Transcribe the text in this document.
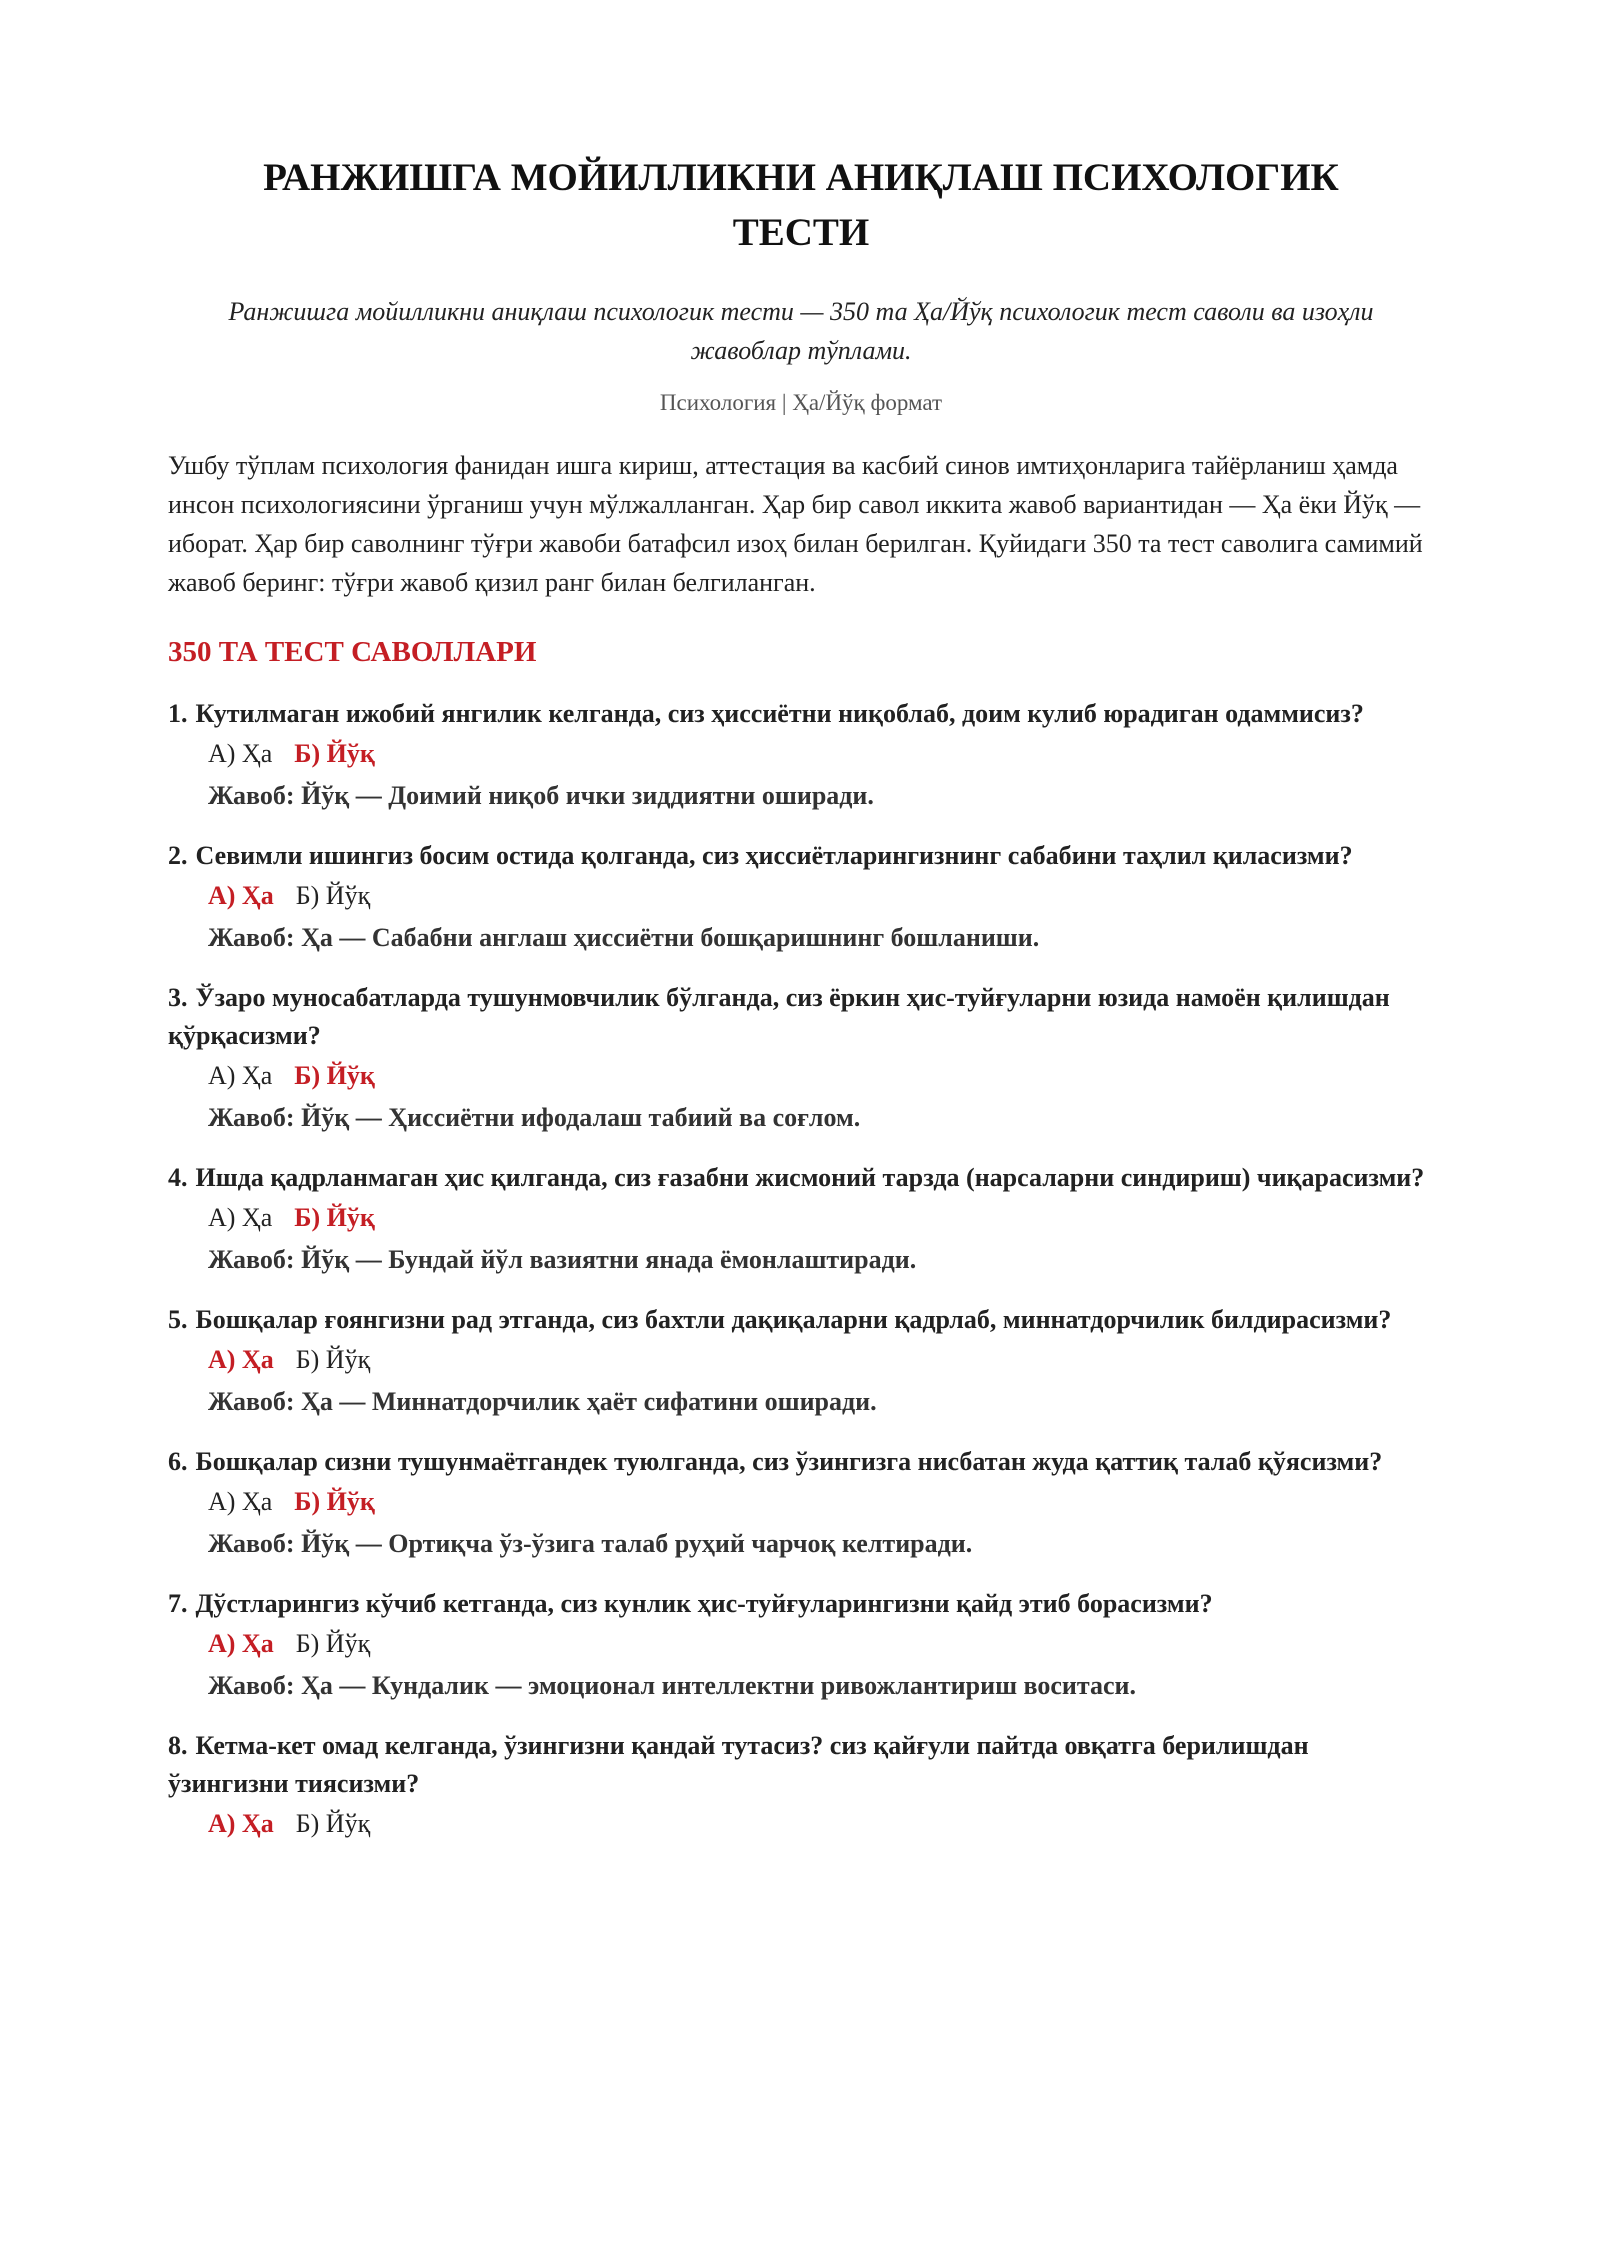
РАНЖИШГА МОЙИЛЛИКНИ АНИҚЛАШ ПСИХОЛОГИК ТЕСТИ
Ранжишга мойилликни аниқлаш психологик тести — 350 та Ҳа/Йўқ психологик тест саволи ва изоҳли жавоблар тўплами.
Психология | Ҳа/Йўқ формат
Ушбу тўплам психология фанидан ишга кириш, аттестация ва касбий синов имтиҳонларига тайёрланиш ҳамда инсон психологиясини ўрганиш учун мўлжалланган. Ҳар бир савол иккита жавоб вариантидан — Ҳа ёки Йўқ — иборат. Ҳар бир саволнинг тўғри жавоби батафсил изоҳ билан берилган. Қуйидаги 350 та тест саволига самимий жавоб беринг: тўғри жавоб қизил ранг билан белгиланган.
350 ТА ТЕСТ САВОЛЛАРИ
1. Кутилмаган ижобий янгилик келганда, сиз ҳиссиётни ниқоблаб, доим кулиб юрадиган одаммисиз?
А) Ҳа Б) Йўқ
Жавоб: Йўқ — Доимий ниқоб ички зиддиятни оширади.
2. Севимли ишингиз босим остида қолганда, сиз ҳиссиётларингизнинг сабабини таҳлил қиласизми?
А) Ҳа Б) Йўқ
Жавоб: Ҳа — Сабабни англаш ҳиссиётни бошқаришнинг бошланиши.
3. Ўзаро муносабатларда тушунмовчилик бўлганда, сиз ёркин ҳис-туйғуларни юзида намоён қилишдан қўрқасизми?
А) Ҳа Б) Йўқ
Жавоб: Йўқ — Ҳиссиётни ифодалаш табиий ва соғлом.
4. Ишда қадрланмаган ҳис қилганда, сиз ғазабни жисмоний тарзда (нарсаларни синдириш) чиқарасизми?
А) Ҳа Б) Йўқ
Жавоб: Йўқ — Бундай йўл вазиятни янада ёмонлаштиради.
5. Бошқалар ғоянгизни рад этганда, сиз бахтли дақиқаларни қадрлаб, миннатдорчилик билдирасизми?
А) Ҳа Б) Йўқ
Жавоб: Ҳа — Миннатдорчилик ҳаёт сифатини оширади.
6. Бошқалар сизни тушунмаётгандек туюлганда, сиз ўзингизга нисбатан жуда қаттиқ талаб қўясизми?
А) Ҳа Б) Йўқ
Жавоб: Йўқ — Ортиқча ўз-ўзига талаб руҳий чарчоқ келтиради.
7. Дўстларингиз кўчиб кетганда, сиз кунлик ҳис-туйғуларингизни қайд этиб борасизми?
А) Ҳа Б) Йўқ
Жавоб: Ҳа — Кундалик — эмоционал интеллектни ривожлантириш воситаси.
8. Кетма-кет омад келганда, ўзингизни қандай тутасиз? сиз қайғули пайтда овқатга берилишдан ўзингизни тиясизми?
А) Ҳа Б) Йўқ
